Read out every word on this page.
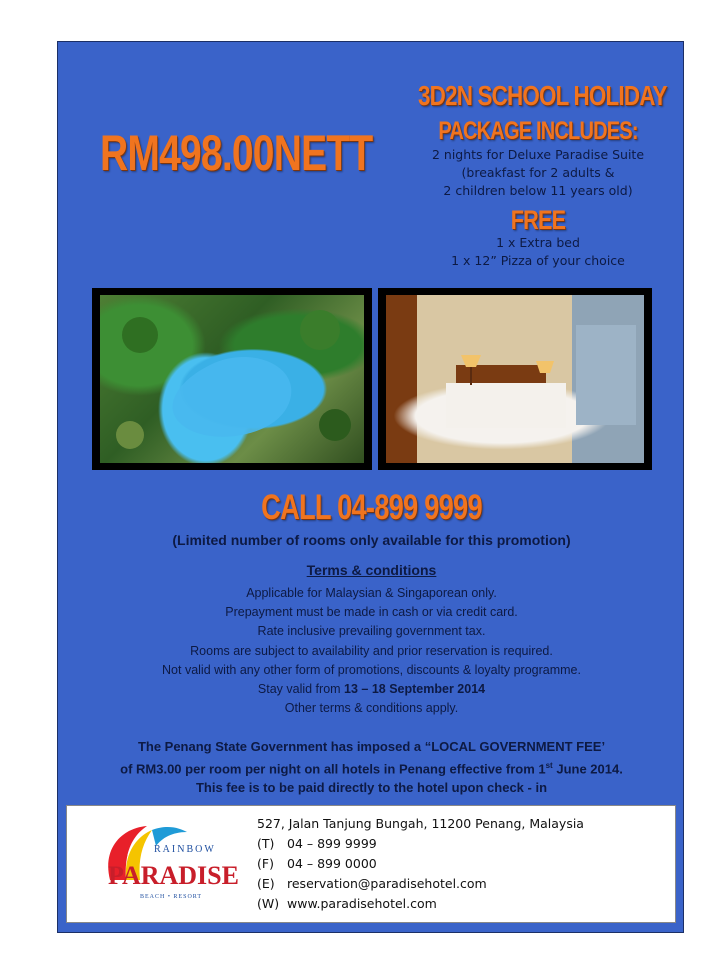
RM498.00NETT
3D2N SCHOOL HOLIDAY
PACKAGE INCLUDES:
2 nights for Deluxe Paradise Suite
(breakfast for 2 adults &
2 children below 11 years old)
FREE
1 x Extra bed
1 x 12” Pizza of your choice
CALL 04-899 9999
(Limited number of rooms only available for this promotion)
Terms & conditions
Applicable for Malaysian & Singaporean only.
Prepayment must be made in cash or via credit card.
Rate inclusive prevailing government tax.
Rooms are subject to availability and prior reservation is required.
Not valid with any other form of promotions, discounts & loyalty programme.
Stay valid from 13 – 18 September 2014
Other terms & conditions apply.
The Penang State Government has imposed a “LOCAL GOVERNMENT FEE’
of RM3.00 per room per night on all hotels in Penang effective from 1st June 2014.
This fee is to be paid directly to the hotel upon check - in
RAINBOW
PARADISE
BEACH • RESORT
527, Jalan Tanjung Bungah, 11200 Penang, Malaysia
(T) 04 – 899 9999
(F) 04 – 899 0000
(E) reservation@paradisehotel.com
(W) www.paradisehotel.com
